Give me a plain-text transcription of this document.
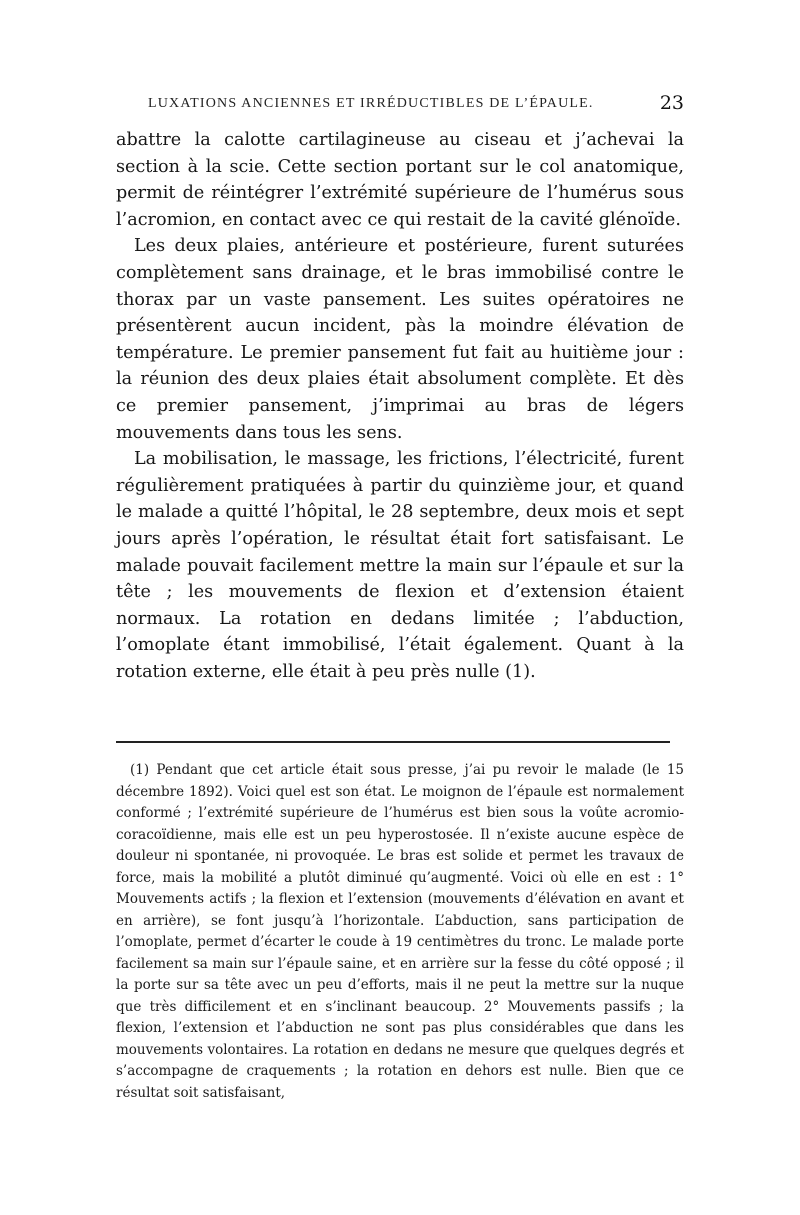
LUXATIONS ANCIENNES ET IRRÉDUCTIBLES DE L’ÉPAULE.	23

abattre la calotte cartilagineuse au ciseau et j’achevai la section à la scie. Cette section portant sur le col anatomique, permit de réintégrer l’extrémité supérieure de l’humérus sous l’acromion, en contact avec ce qui restait de la cavité glénoïde.

Les deux plaies, antérieure et postérieure, furent suturées complètement sans drainage, et le bras immobilisé contre le thorax par un vaste pansement. Les suites opératoires ne présentèrent aucun incident, pàs la moindre élévation de température. Le premier pansement fut fait au huitième jour : la réunion des deux plaies était absolument complète. Et dès ce premier pansement, j’imprimai au bras de légers mouvements dans tous les sens.

La mobilisation, le massage, les frictions, l’électricité, furent régulièrement pratiquées à partir du quinzième jour, et quand le malade a quitté l’hôpital, le 28 septembre, deux mois et sept jours après l’opération, le résultat était fort satisfaisant. Le malade pouvait facilement mettre la main sur l’épaule et sur la tête ; les mouvements de flexion et d’extension étaient normaux. La rotation en dedans limitée ; l’abduction, l’omoplate étant immobilisé, l’était également. Quant à la rotation externe, elle était à peu près nulle (1).

(1) Pendant que cet article était sous presse, j’ai pu revoir le malade (le 15 décembre 1892). Voici quel est son état. Le moignon de l’épaule est normalement conformé ; l’extrémité supérieure de l’humérus est bien sous la voûte acromio-coracoïdienne, mais elle est un peu hyperostosée. Il n’existe aucune espèce de douleur ni spontanée, ni provoquée. Le bras est solide et permet les travaux de force, mais la mobilité a plutôt diminué qu’augmenté. Voici où elle en est : 1° Mouvements actifs ; la flexion et l’extension (mouvements d’élévation en avant et en arrière), se font jusqu’à l’horizontale. L’abduction, sans participation de l’omoplate, permet d’écarter le coude à 19 centimètres du tronc. Le malade porte facilement sa main sur l’épaule saine, et en arrière sur la fesse du côté opposé ; il la porte sur sa tête avec un peu d’efforts, mais il ne peut la mettre sur la nuque que très difficilement et en s’inclinant beaucoup. 2° Mouvements passifs ; la flexion, l’extension et l’abduction ne sont pas plus considérables que dans les mouvements volontaires. La rotation en dedans ne mesure que quelques degrés et s’accompagne de craquements ; la rotation en dehors est nulle. Bien que ce résultat soit satisfaisant,
